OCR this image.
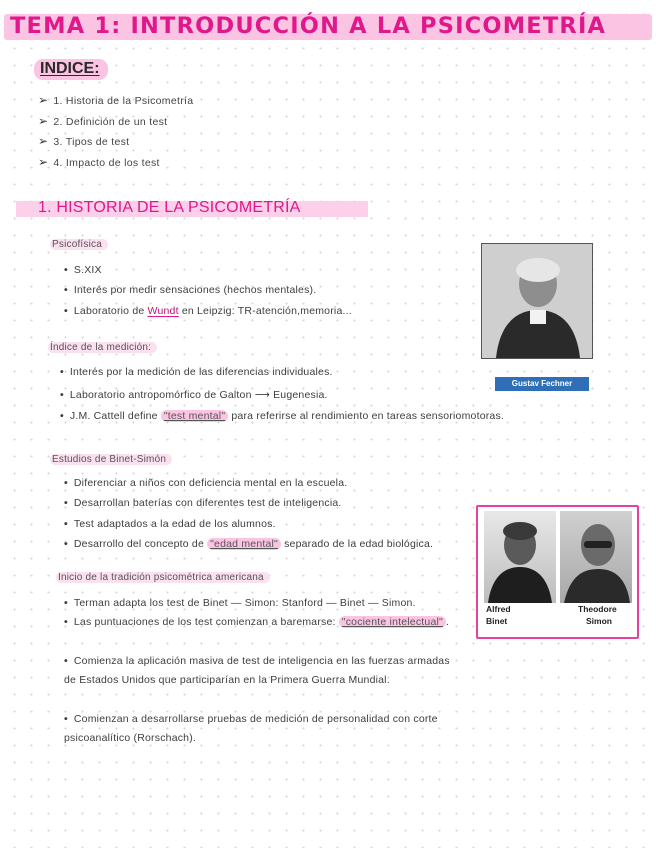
TEMA 1: INTRODUCCIÓN A LA PSICOMETRÍA
INDICE:
➢ 1. Historia de la Psicometría
➢ 2. Definición de un test
➢ 3. Tipos de test
➢ 4. Impacto de los test
1. HISTORIA DE LA PSICOMETRÍA
Psicofísica
• S.XIX
• Interés por medir sensaciones (hechos mentales).
• Laboratorio de Wundt en Leipzig: TR-atención,memoria...
Índice de la medición:
• Interés por la medición de las diferencias individuales.
• Laboratorio antropomórfico de Galton ⟶ Eugenesia.
• J.M. Cattell define "test mental" para referirse al rendimiento en tareas sensoriomotoras.
Gustav Fechner
Estudios de Binet-Simón
• Diferenciar a niños con deficiencia mental en la escuela.
• Desarrollan baterías con diferentes test de inteligencia.
• Test adaptados a la edad de los alumnos.
• Desarrollo del concepto de "edad mental" separado de la edad biológica.
Alfred
Binet
Theodore
Simon
Inicio de la tradición psicométrica americana
• Terman adapta los test de Binet — Simon: Stanford — Binet — Simon.
• Las puntuaciones de los test comienzan a baremarse: "cociente intelectual" .
• Comienza la aplicación masiva de test de inteligencia en las fuerzas armadas de Estados Unidos que participarían en la Primera Guerra Mundial.
• Comienzan a desarrollarse pruebas de medición de personalidad con corte psicoanalítico (Rorschach).
